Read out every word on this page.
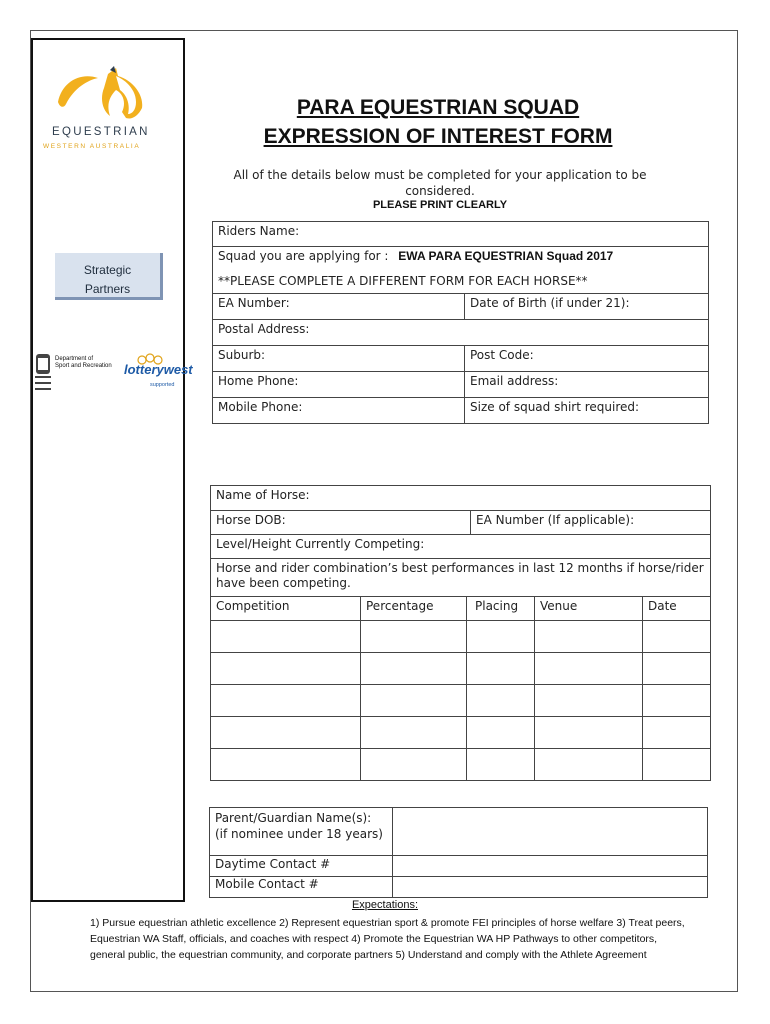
EQUESTRIAN
WESTERN AUSTRALIA
Strategic
Partners
Department of
Sport and Recreation lotterywest
supported
PARA EQUESTRIAN SQUAD
EXPRESSION OF INTEREST FORM
All of the details below must be completed for your application to be considered.
PLEASE PRINT CLEARLY
Riders Name:	
Squad you are applying for : EWA PARA EQUESTRIAN Squad 2017	
**PLEASE COMPLETE A DIFFERENT FORM FOR EACH HORSE**	
EA Number:	Date of Birth (if under 21):
Postal Address:	
Suburb:	Post Code:
Home Phone:	Email address:
Mobile Phone:	Size of squad shirt required:
Name of Horse:					
Horse DOB:			EA Number (If applicable):		
Level/Height Currently Competing:					
Horse and rider combination’s best performances in last 12 months if horse/rider have been competing.					
Competition	Percentage	Placing		Venue	Date

Parent/Guardian Name(s):
(if nominee under 18 years)	

Daytime Contact #	
Mobile Contact #	
Expectations:
1) Pursue equestrian athletic excellence 2) Represent equestrian sport & promote FEI principles of horse welfare 3) Treat peers, Equestrian WA Staff, officials, and coaches with respect 4) Promote the Equestrian WA HP Pathways to other competitors, general public, the equestrian community, and corporate partners 5) Understand and comply with the Athlete Agreement
